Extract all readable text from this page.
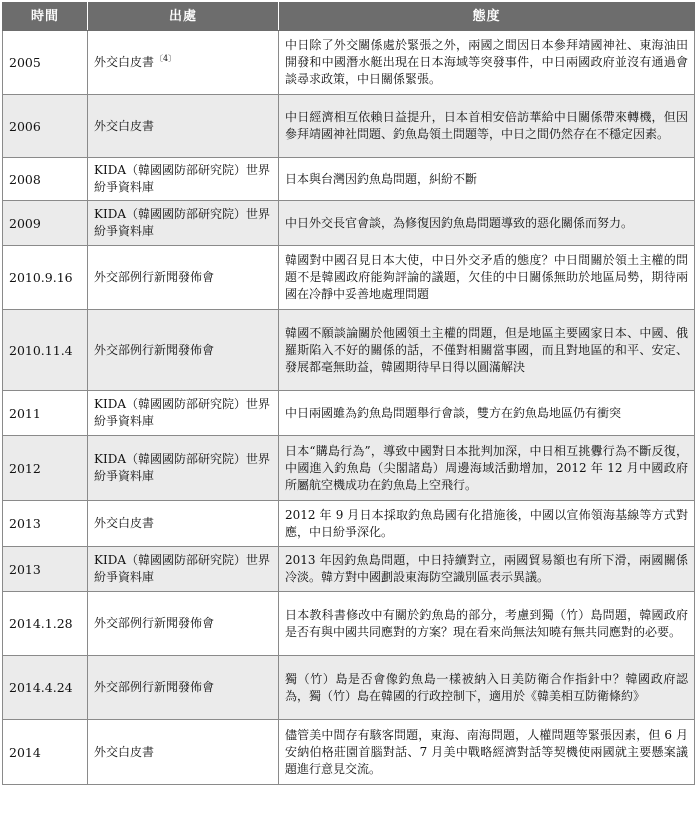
時間	出處	態度
2005	外交白皮書$^{〔4〕}$	中日除了外交關係處於緊張之外，兩國之間因日本參拜靖國神社、東海油田開發和中國潛水艇出現在日本海域等突發事件，中日兩國政府並沒有通過會談尋求政策，中日關係緊張。
2006	外交白皮書	中日經濟相互依賴日益提升，日本首相安倍訪華給中日關係帶來轉機，但因參拜靖國神社問題、釣魚島領土問題等，中日之間仍然存在不穩定因素。
2008	KIDA（韓國國防部研究院）世界紛爭資料庫	日本與台灣因釣魚島問題，糾紛不斷
2009	KIDA（韓國國防部研究院）世界紛爭資料庫	中日外交長官會談，為修復因釣魚島問題導致的惡化關係而努力。
2010.9.16	外交部例行新聞發佈會	韓國對中國召見日本大使，中日外交矛盾的態度？中日間關於領土主權的問題不是韓國政府能夠評論的議題，欠佳的中日關係無助於地區局勢，期待兩國在冷靜中妥善地處理問題
2010.11.4	外交部例行新聞發佈會	韓國不願談論關於他國領土主權的問題，但是地區主要國家日本、中國、俄羅斯陷入不好的關係的話，不僅對相關當事國，而且對地區的和平、安定、發展都毫無助益，韓國期待早日得以圓滿解決
2011	KIDA（韓國國防部研究院）世界紛爭資料庫	中日兩國雖為釣魚島問題舉行會談，雙方在釣魚島地區仍有衝突
2012	KIDA（韓國國防部研究院）世界紛爭資料庫	日本“購島行為”，導致中國對日本批判加深，中日相互挑釁行為不斷反復，中國進入釣魚島（尖閣諸島）周邊海域活動增加，2012 年 12 月中國政府所屬航空機成功在釣魚島上空飛行。
2013	外交白皮書	2012 年 9 月日本採取釣魚島國有化措施後，中國以宣佈領海基線等方式對應，中日紛爭深化。
2013	KIDA（韓國國防部研究院）世界紛爭資料庫	2013 年因釣魚島問題，中日持續對立，兩國貿易額也有所下滑，兩國關係冷淡。韓方對中國劃設東海防空識別區表示異議。
2014.1.28	外交部例行新聞發佈會	日本教科書修改中有關於釣魚島的部分，考慮到獨（竹）島問題，韓國政府是否有與中國共同應對的方案？現在看來尚無法知曉有無共同應對的必要。
2014.4.24	外交部例行新聞發佈會	獨（竹）島是否會像釣魚島一樣被納入日美防衛合作指針中？韓國政府認為，獨（竹）島在韓國的行政控制下，適用於《韓美相互防衛條約》
2014	外交白皮書	儘管美中間存有駭客問題，東海、南海問題，人權問題等緊張因素，但 6 月安納伯格莊園首腦對話、7 月美中戰略經濟對話等契機使兩國就主要懸案議題進行意見交流。
